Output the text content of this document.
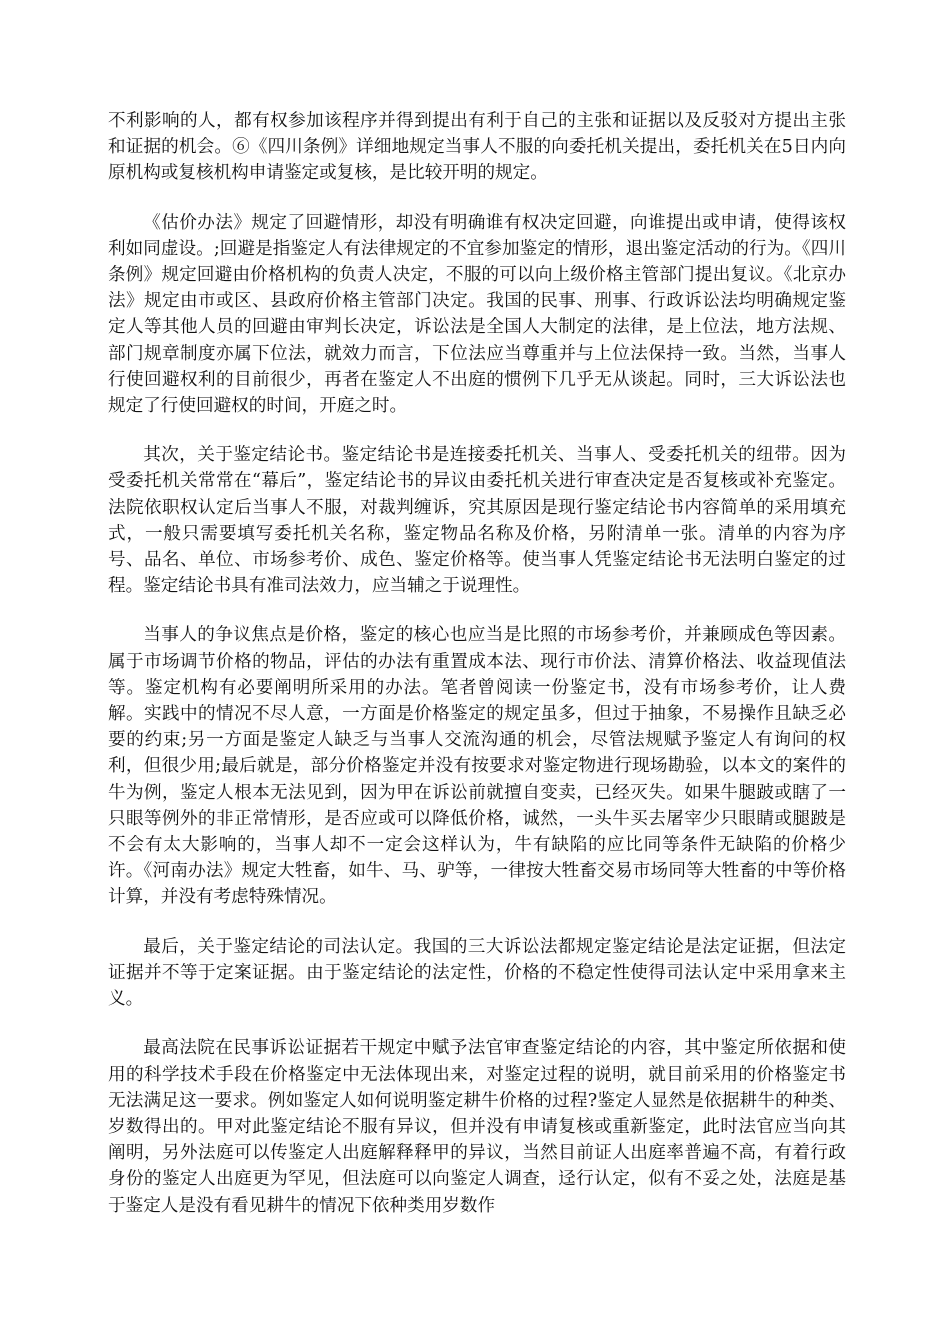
不利影响的人，都有权参加该程序并得到提出有利于自己的主张和证据以及反驳对方提出主张和证据的机会。⑥《四川条例》详细地规定当事人不服的向委托机关提出，委托机关在5日内向原机构或复核机构申请鉴定或复核，是比较开明的规定。

《估价办法》规定了回避情形，却没有明确谁有权决定回避，向谁提出或申请，使得该权利如同虚设。;回避是指鉴定人有法律规定的不宜参加鉴定的情形，退出鉴定活动的行为。《四川条例》规定回避由价格机构的负责人决定，不服的可以向上级价格主管部门提出复议。《北京办法》规定由市或区、县政府价格主管部门决定。我国的民事、刑事、行政诉讼法均明确规定鉴定人等其他人员的回避由审判长决定，诉讼法是全国人大制定的法律，是上位法，地方法规、部门规章制度亦属下位法，就效力而言，下位法应当尊重并与上位法保持一致。当然，当事人行使回避权利的目前很少，再者在鉴定人不出庭的惯例下几乎无从谈起。同时，三大诉讼法也规定了行使回避权的时间，开庭之时。

其次，关于鉴定结论书。鉴定结论书是连接委托机关、当事人、受委托机关的纽带。因为受委托机关常常在“幕后”，鉴定结论书的异议由委托机关进行审查决定是否复核或补充鉴定。法院依职权认定后当事人不服，对裁判缠诉，究其原因是现行鉴定结论书内容简单的采用填充式，一般只需要填写委托机关名称，鉴定物品名称及价格，另附清单一张。清单的内容为序号、品名、单位、市场参考价、成色、鉴定价格等。使当事人凭鉴定结论书无法明白鉴定的过程。鉴定结论书具有准司法效力，应当辅之于说理性。

当事人的争议焦点是价格，鉴定的核心也应当是比照的市场参考价，并兼顾成色等因素。属于市场调节价格的物品，评估的办法有重置成本法、现行市价法、清算价格法、收益现值法等。鉴定机构有必要阐明所采用的办法。笔者曾阅读一份鉴定书，没有市场参考价，让人费解。实践中的情况不尽人意，一方面是价格鉴定的规定虽多，但过于抽象，不易操作且缺乏必要的约束;另一方面是鉴定人缺乏与当事人交流沟通的机会，尽管法规赋予鉴定人有询问的权利，但很少用;最后就是，部分价格鉴定并没有按要求对鉴定物进行现场勘验，以本文的案件的牛为例，鉴定人根本无法见到，因为甲在诉讼前就擅自变卖，已经灭失。如果牛腿跛或瞎了一只眼等例外的非正常情形，是否应或可以降低价格，诚然，一头牛买去屠宰少只眼睛或腿跛是不会有太大影响的，当事人却不一定会这样认为，牛有缺陷的应比同等条件无缺陷的价格少许。《河南办法》规定大牲畜，如牛、马、驴等，一律按大牲畜交易市场同等大牲畜的中等价格计算，并没有考虑特殊情况。

最后，关于鉴定结论的司法认定。我国的三大诉讼法都规定鉴定结论是法定证据，但法定证据并不等于定案证据。由于鉴定结论的法定性，价格的不稳定性使得司法认定中采用拿来主义。

最高法院在民事诉讼证据若干规定中赋予法官审查鉴定结论的内容，其中鉴定所依据和使用的科学技术手段在价格鉴定中无法体现出来，对鉴定过程的说明，就目前采用的价格鉴定书无法满足这一要求。例如鉴定人如何说明鉴定耕牛价格的过程?鉴定人显然是依据耕牛的种类、岁数得出的。甲对此鉴定结论不服有异议，但并没有申请复核或重新鉴定，此时法官应当向其阐明，另外法庭可以传鉴定人出庭解释释甲的异议，当然目前证人出庭率普遍不高，有着行政身份的鉴定人出庭更为罕见，但法庭可以向鉴定人调查，迳行认定，似有不妥之处，法庭是基于鉴定人是没有看见耕牛的情况下依种类用岁数作
